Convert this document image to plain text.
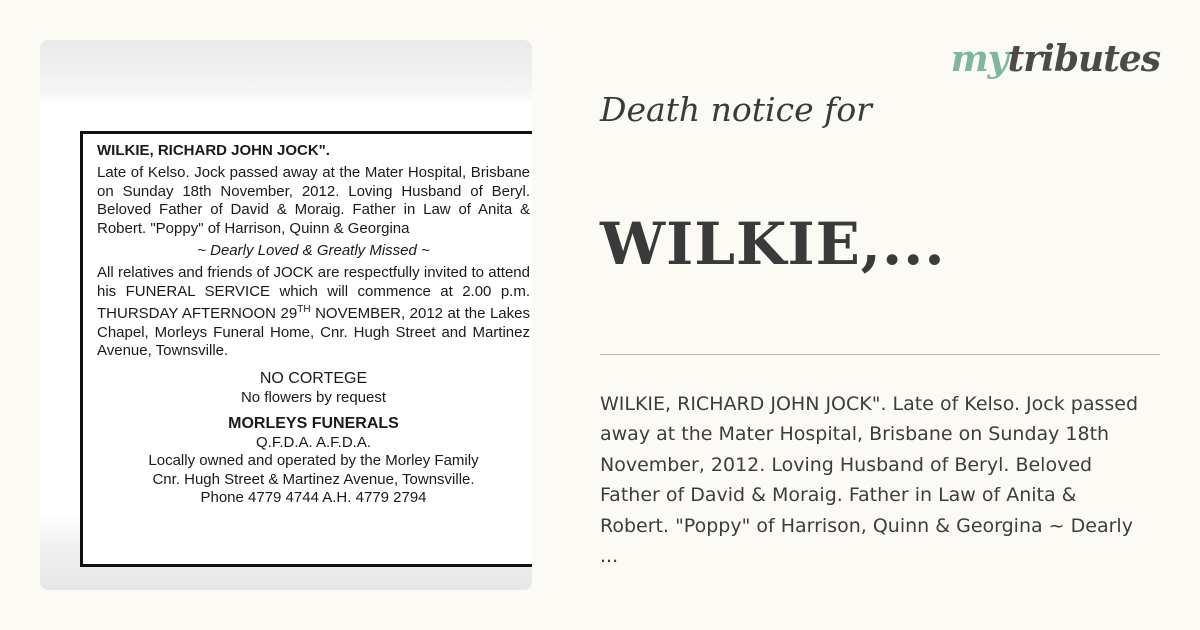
WILKIE, RICHARD JOHN JOCK".
Late of Kelso. Jock passed away at the Mater Hospital, Brisbane on Sunday 18th November, 2012. Loving Husband of Beryl. Beloved Father of David & Moraig. Father in Law of Anita & Robert. "Poppy" of Harrison, Quinn & Georgina
~ Dearly Loved & Greatly Missed ~
All relatives and friends of JOCK are respectfully invited to attend his FUNERAL SERVICE which will commence at 2.00 p.m. THURSDAY AFTERNOON 29TH NOVEMBER, 2012 at the Lakes Chapel, Morleys Funeral Home, Cnr. Hugh Street and Martinez Avenue, Townsville.
NO CORTEGE
No flowers by request
MORLEYS FUNERALS
Q.F.D.A. A.F.D.A.
Locally owned and operated by the Morley Family
Cnr. Hugh Street & Martinez Avenue, Townsville.
Phone 4779 4744 A.H. 4779 2794
mytributes
Death notice for
WILKIE,...
WILKIE, RICHARD JOHN JOCK". Late of Kelso. Jock passed
away at the Mater Hospital, Brisbane on Sunday 18th
November, 2012. Loving Husband of Beryl. Beloved
Father of David & Moraig. Father in Law of Anita &
Robert. "Poppy" of Harrison, Quinn & Georgina ~ Dearly
...
